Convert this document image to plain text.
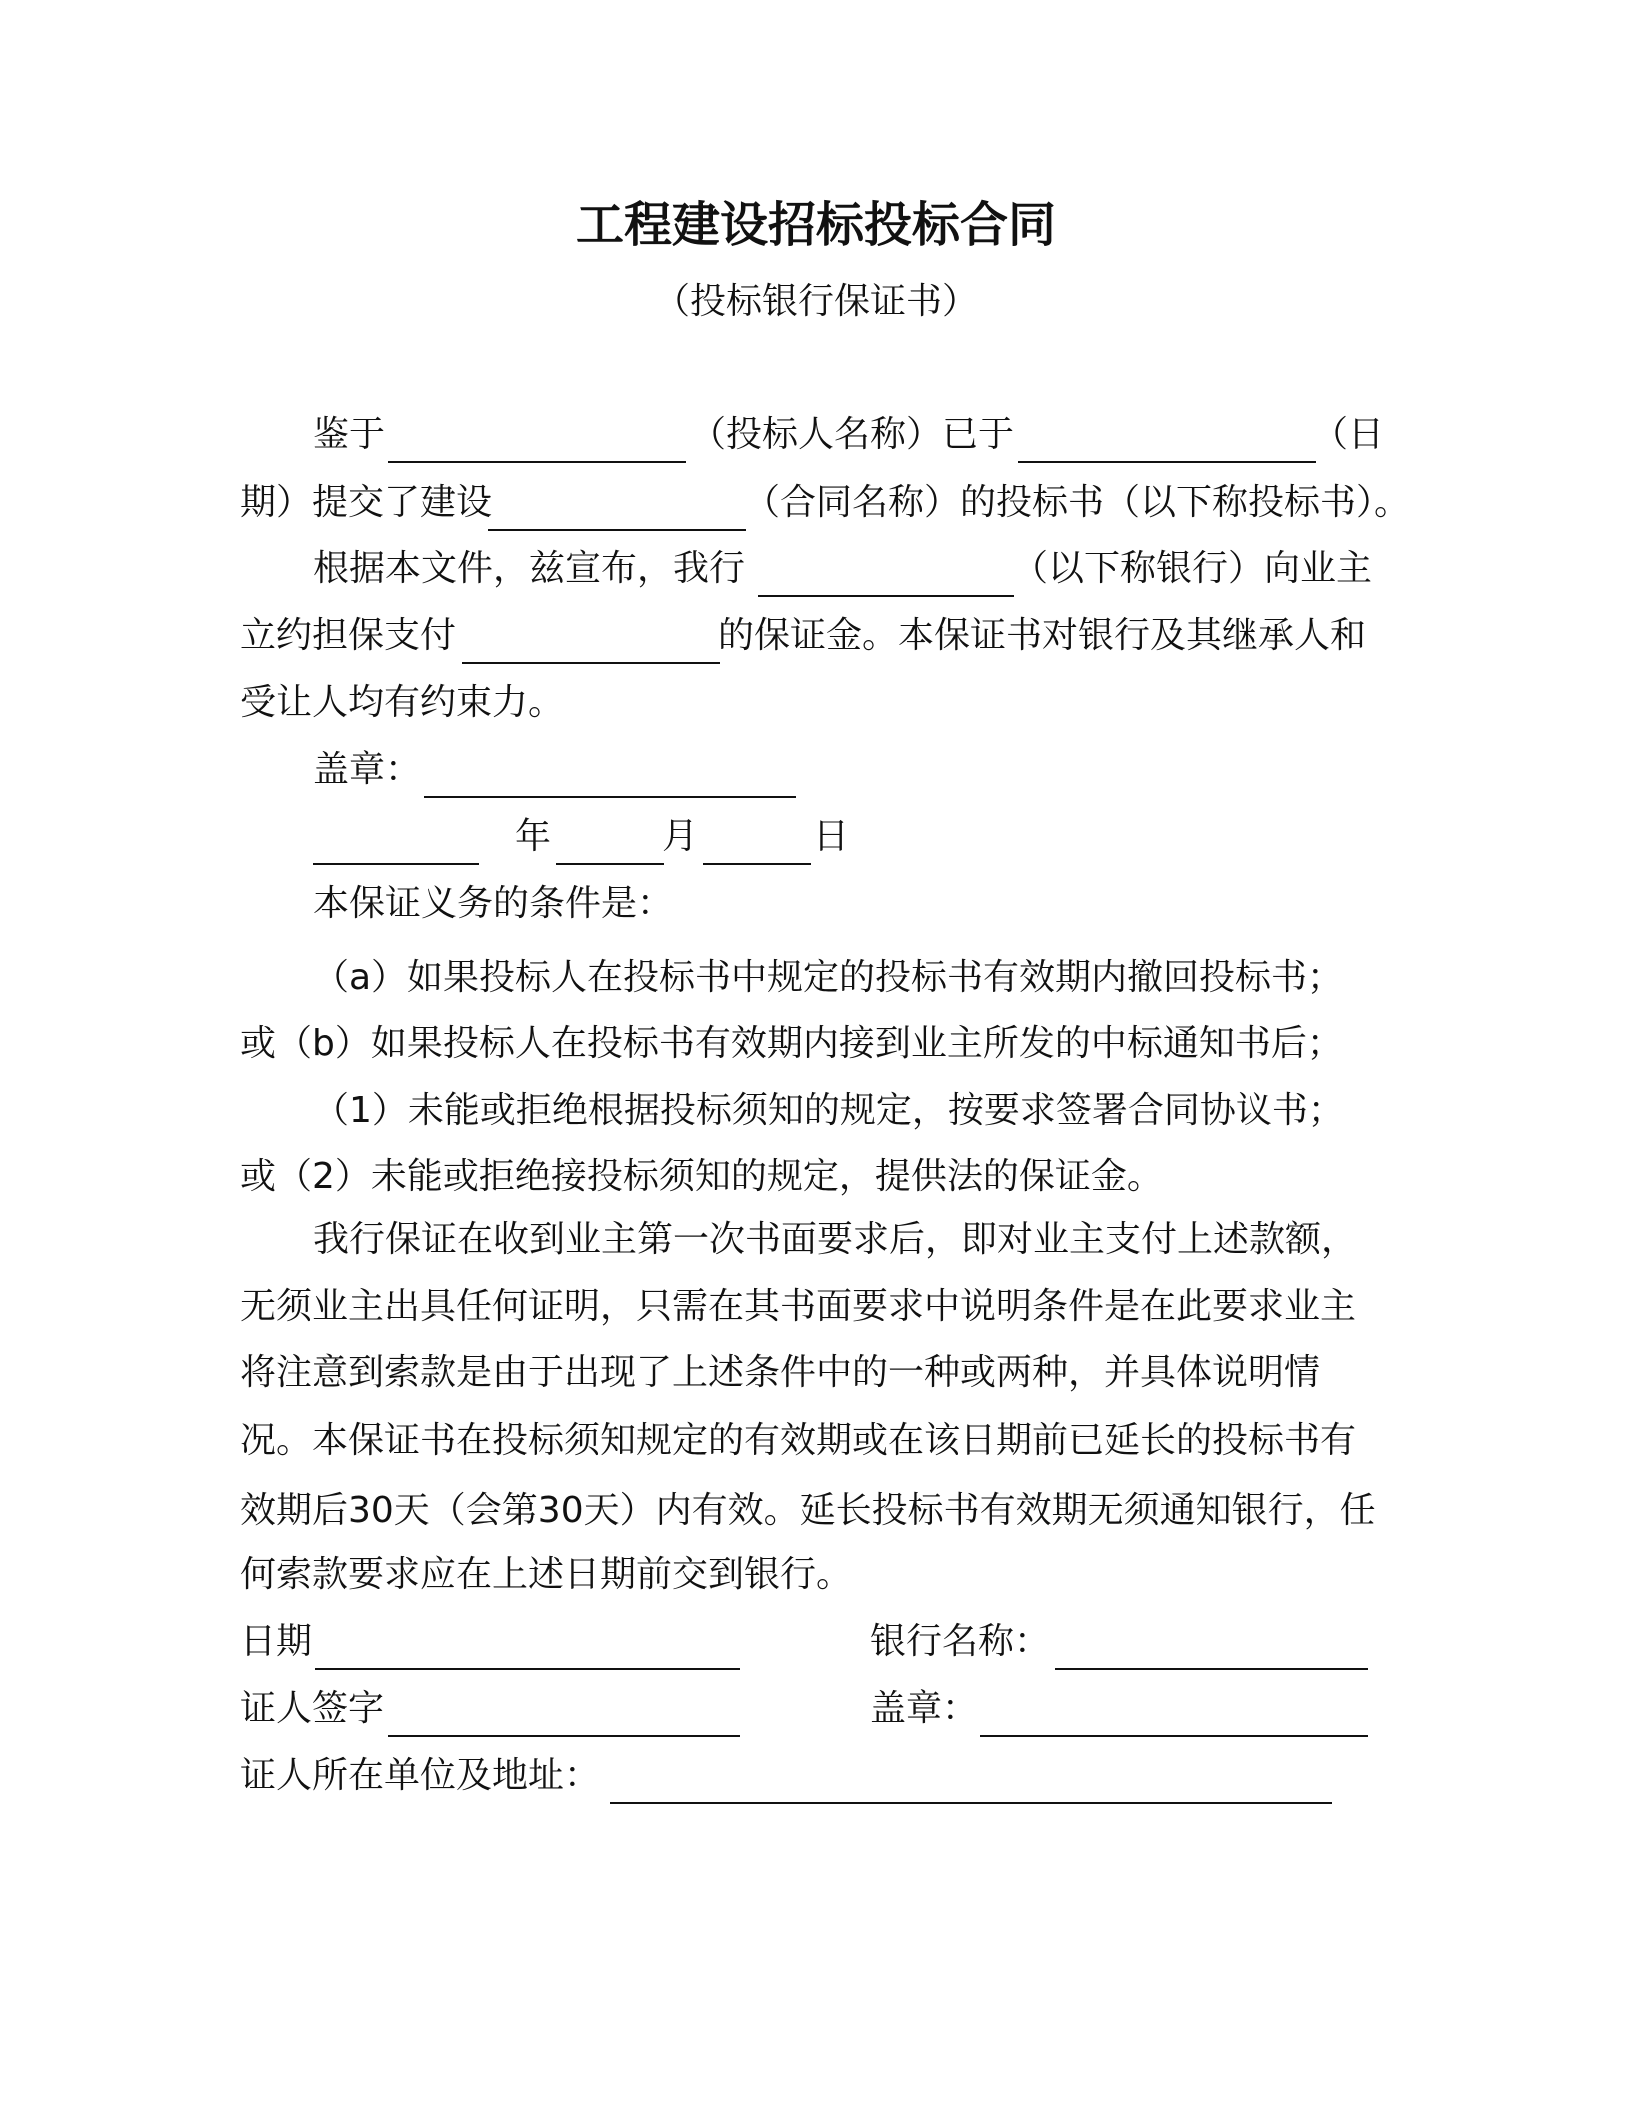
工程建设招标投标合同
（投标银行保证书）
鉴于	（投标人名称）已于	（日
期）提交了建设	（合同名称）的投标书（以下称投标书）。
根据本文件，兹宣布，我行	（以下称银行）向业主
立约担保支付	的保证金。本保证书对银行及其继承人和
受让人均有约束力。
盖章：
年	月	日
本保证义务的条件是：
（a）如果投标人在投标书中规定的投标书有效期内撤回投标书；
或（b）如果投标人在投标书有效期内接到业主所发的中标通知书后；
（1）未能或拒绝根据投标须知的规定，按要求签署合同协议书；
或（2）未能或拒绝接投标须知的规定，提供法的保证金。
我行保证在收到业主第一次书面要求后，即对业主支付上述款额，
无须业主出具任何证明，只需在其书面要求中说明条件是在此要求业主
将注意到索款是由于出现了上述条件中的一种或两种，并具体说明情
况。本保证书在投标须知规定的有效期或在该日期前已延长的投标书有
效期后30天（会第30天）内有效。延长投标书有效期无须通知银行，任
何索款要求应在上述日期前交到银行。
日期	银行名称：
证人签字	盖章：
证人所在单位及地址：
